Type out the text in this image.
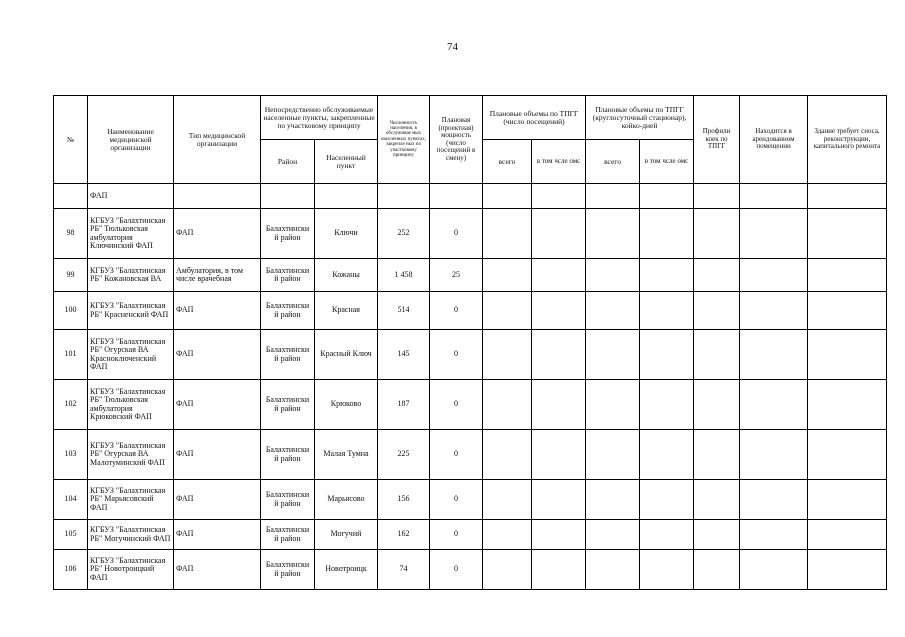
74
№	Наименование медицинской организации	Тип медицинской организации	Непосредственно обслуживаемые населенные пункты, закрепленные по участковому принципу		Численность населения, в обслуживае мых населенных пунктах, закрепле ных по участковому принципу	Плановая (проектная) мощность (число посещений в смену)	Плановые объемы по ТПГГ (число посещений)		Плановые объемы по ТПГГ (круглосуточный стационар), койко-дней		Профили коек по ТПГГ	Находится в арендованном помещении	Здание требует сноса, реконструкции, капитального ремонта
			Район	Населенный пункт			всего	в том чсле омс	всего	в том чсле омс			
	ФАП												
98	КГБУЗ "Балахтинская РБ" Тюльковская амбулатория Ключинский ФАП	ФАП	Балахтински й район	Ключи	252	0							
99	КГБУЗ "Балахтинская РБ" Кожановская ВА	Амбулатория, в том числе врачебная	Балахтински й район	Кожаны	1 458	25							
100	КГБУЗ "Балахтинская РБ" Красненский ФАП	ФАП	Балахтински й район	Красная	514	0							
101	КГБУЗ "Балахтинская РБ" Огурская ВА Красноключенский ФАП	ФАП	Балахтински й район	Красный Ключ	145	0							
102	КГБУЗ "Балахтинская РБ" Тюльковская амбулатория Крюковский ФАП	ФАП	Балахтински й район	Крюково	187	0							
103	КГБУЗ "Балахтинская РБ" Огурская ВА Малотуминский ФАП	ФАП	Балахтински й район	Малая Тумна	225	0							
104	КГБУЗ "Балахтинская РБ" Марьясовский ФАП	ФАП	Балахтински й район	Марьясово	156	0							
105	КГБУЗ "Балахтинская РБ" Могучинский ФАП	ФАП	Балахтински й район	Могучий	162	0							
106	КГБУЗ "Балахтинская РБ" Новотроицкий ФАП	ФАП	Балахтински й район	Новотроицк	74	0							
